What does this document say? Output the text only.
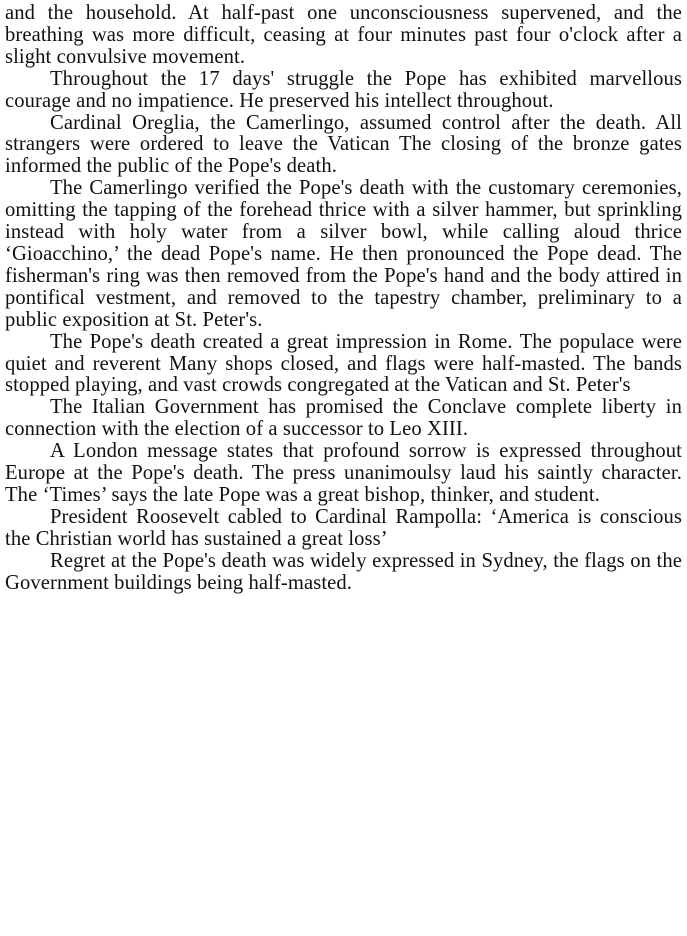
and the household. At half-past one unconsciousness supervened, and the breathing was more difficult, ceasing at four minutes past four o'clock after a slight convulsive movement.

Throughout the 17 days' struggle the Pope has exhibited marvellous courage and no impatience. He preserved his intellect throughout.

Cardinal Oreglia, the Camerlingo, assumed control after the death. All strangers were ordered to leave the Vatican The closing of the bronze gates informed the public of the Pope's death.

The Camerlingo verified the Pope's death with the customary ceremonies, omitting the tapping of the forehead thrice with a silver hammer, but sprinkling instead with holy water from a silver bowl, while calling aloud thrice ‘Gioacchino,’ the dead Pope's name. He then pronounced the Pope dead. The fisherman's ring was then removed from the Pope's hand and the body attired in pontifical vestment, and removed to the tapestry chamber, preliminary to a public exposition at St. Peter's.

The Pope's death created a great impression in Rome. The populace were quiet and reverent Many shops closed, and flags were half-masted. The bands stopped playing, and vast crowds congregated at the Vatican and St. Peter's

The Italian Government has promised the Conclave complete liberty in connection with the election of a successor to Leo XIII.

A London message states that profound sorrow is expressed throughout Europe at the Pope's death. The press unanimoulsy laud his saintly character. The ‘Times’ says the late Pope was a great bishop, thinker, and student.

President Roosevelt cabled to Cardinal Rampolla: ‘America is conscious the Christian world has sustained a great loss’

Regret at the Pope's death was widely expressed in Sydney, the flags on the Government buildings being half-masted.
